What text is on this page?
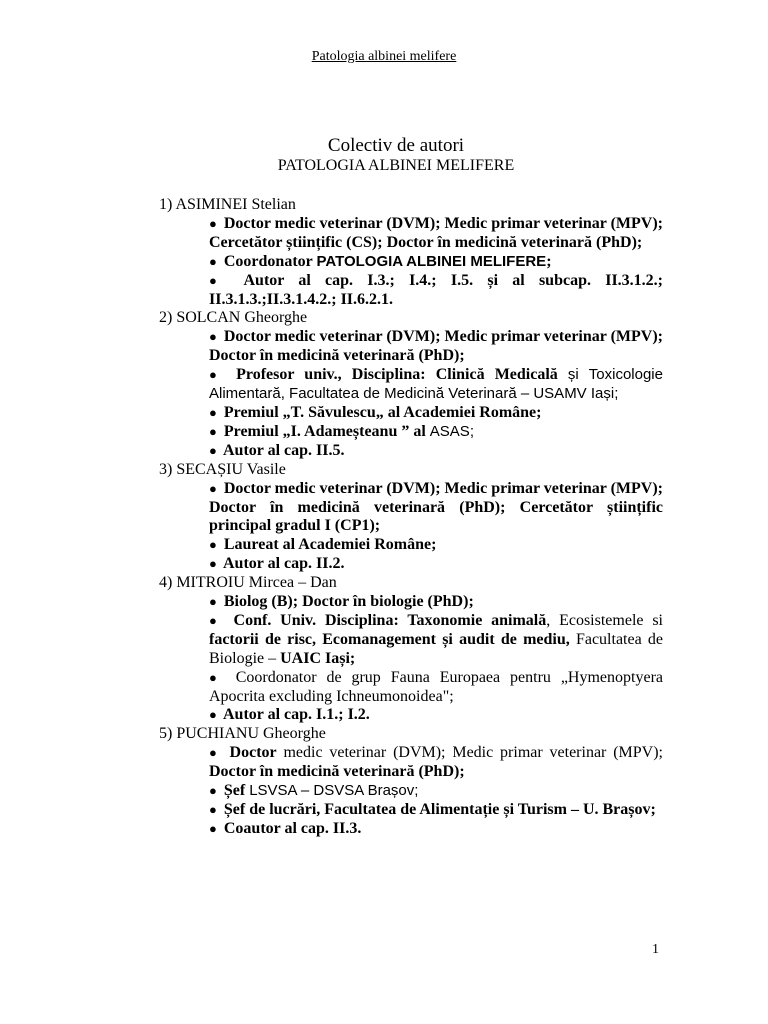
Patologia albinei melifere
Colectiv de autori
PATOLOGIA ALBINEI MELIFERE

1) ASIMINEI Stelian

● Doctor medic veterinar (DVM); Medic primar veterinar (MPV); Cercetător științific (CS); Doctor în medicină veterinară (PhD);

● Coordonator PATOLOGIA ALBINEI MELIFERE;

● Autor al cap. I.3.; I.4.; I.5. și al subcap. II.3.1.2.; II.3.1.3.;II.3.1.4.2.; II.6.2.1.

2) SOLCAN Gheorghe

● Doctor medic veterinar (DVM); Medic primar veterinar (MPV); Doctor în medicină veterinară (PhD);

● Profesor univ., Disciplina: Clinică Medicală și Toxicologie Alimentară, Facultatea de Medicină Veterinară – USAMV Iași;

● Premiul „T. Săvulescu„ al Academiei Române;

● Premiul „I. Adameșteanu ” al ASAS;

● Autor al cap. II.5.

3) SECAȘIU Vasile

● Doctor medic veterinar (DVM); Medic primar veterinar (MPV); Doctor în medicină veterinară (PhD); Cercetător științific principal gradul I (CP1);

● Laureat al Academiei Române;

● Autor al cap. II.2.

4) MITROIU Mircea – Dan

● Biolog (B); Doctor în biologie (PhD);

● Conf. Univ. Disciplina: Taxonomie animală, Ecosistemele si factorii de risc, Ecomanagement și audit de mediu, Facultatea de Biologie – UAIC Iași;

● Coordonator de grup Fauna Europaea pentru „Hymenoptyera Apocrita excluding Ichneumonoidea";

● Autor al cap. I.1.; I.2.

5) PUCHIANU Gheorghe

● Doctor medic veterinar (DVM); Medic primar veterinar (MPV); Doctor în medicină veterinară (PhD);

● Șef LSVSA – DSVSA Brașov;

● Șef de lucrări, Facultatea de Alimentație și Turism – U. Brașov;

● Coautor al cap. II.3.

1
